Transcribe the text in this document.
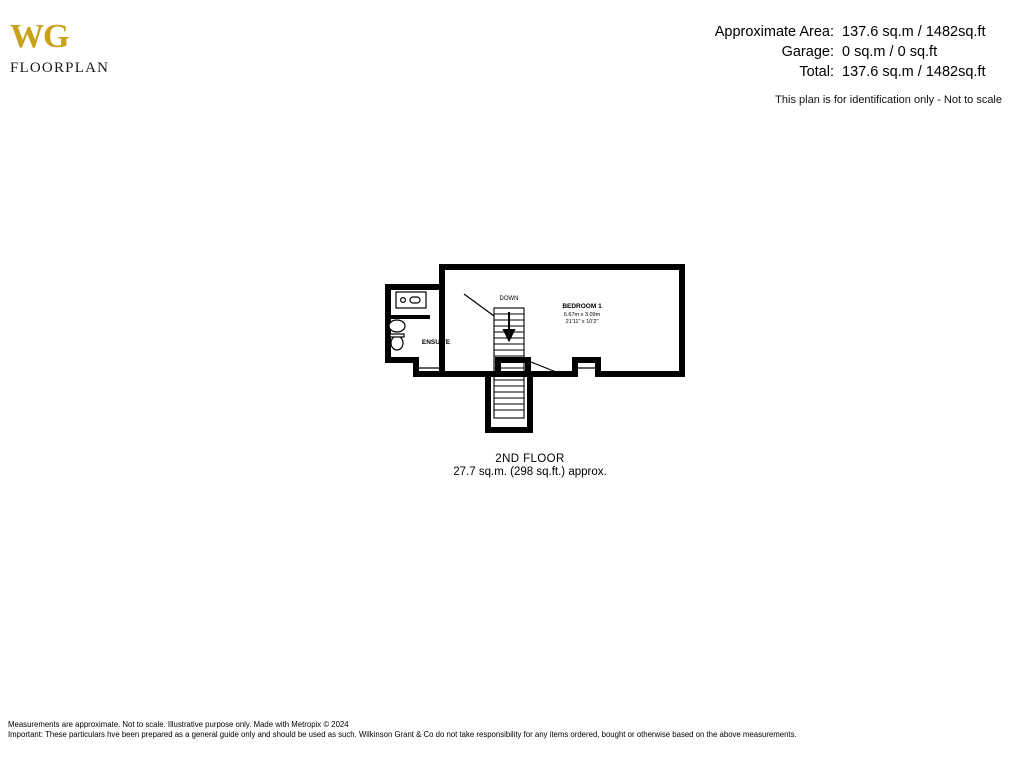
WG
FLOORPLAN
Approximate Area: 137.6 sq.m / 1482sq.ft
Garage: 0 sq.m / 0 sq.ft
Total: 137.6 sq.m / 1482sq.ft
This plan is for identification only - Not to scale
DOWN
ENSUITE
BEDROOM 1
6.67m x 3.09m
21'11" x 10'2"
2ND FLOOR
27.7 sq.m. (298 sq.ft.) approx.
Measurements are approximate. Not to scale. Illustrative purpose only. Made with Metropix © 2024
Important: These particulars hve been prepared as a general guide only and should be used as such. Wilkinson Grant & Co do not take responsibility for any items ordered, bought or otherwise based on the above measurements.
